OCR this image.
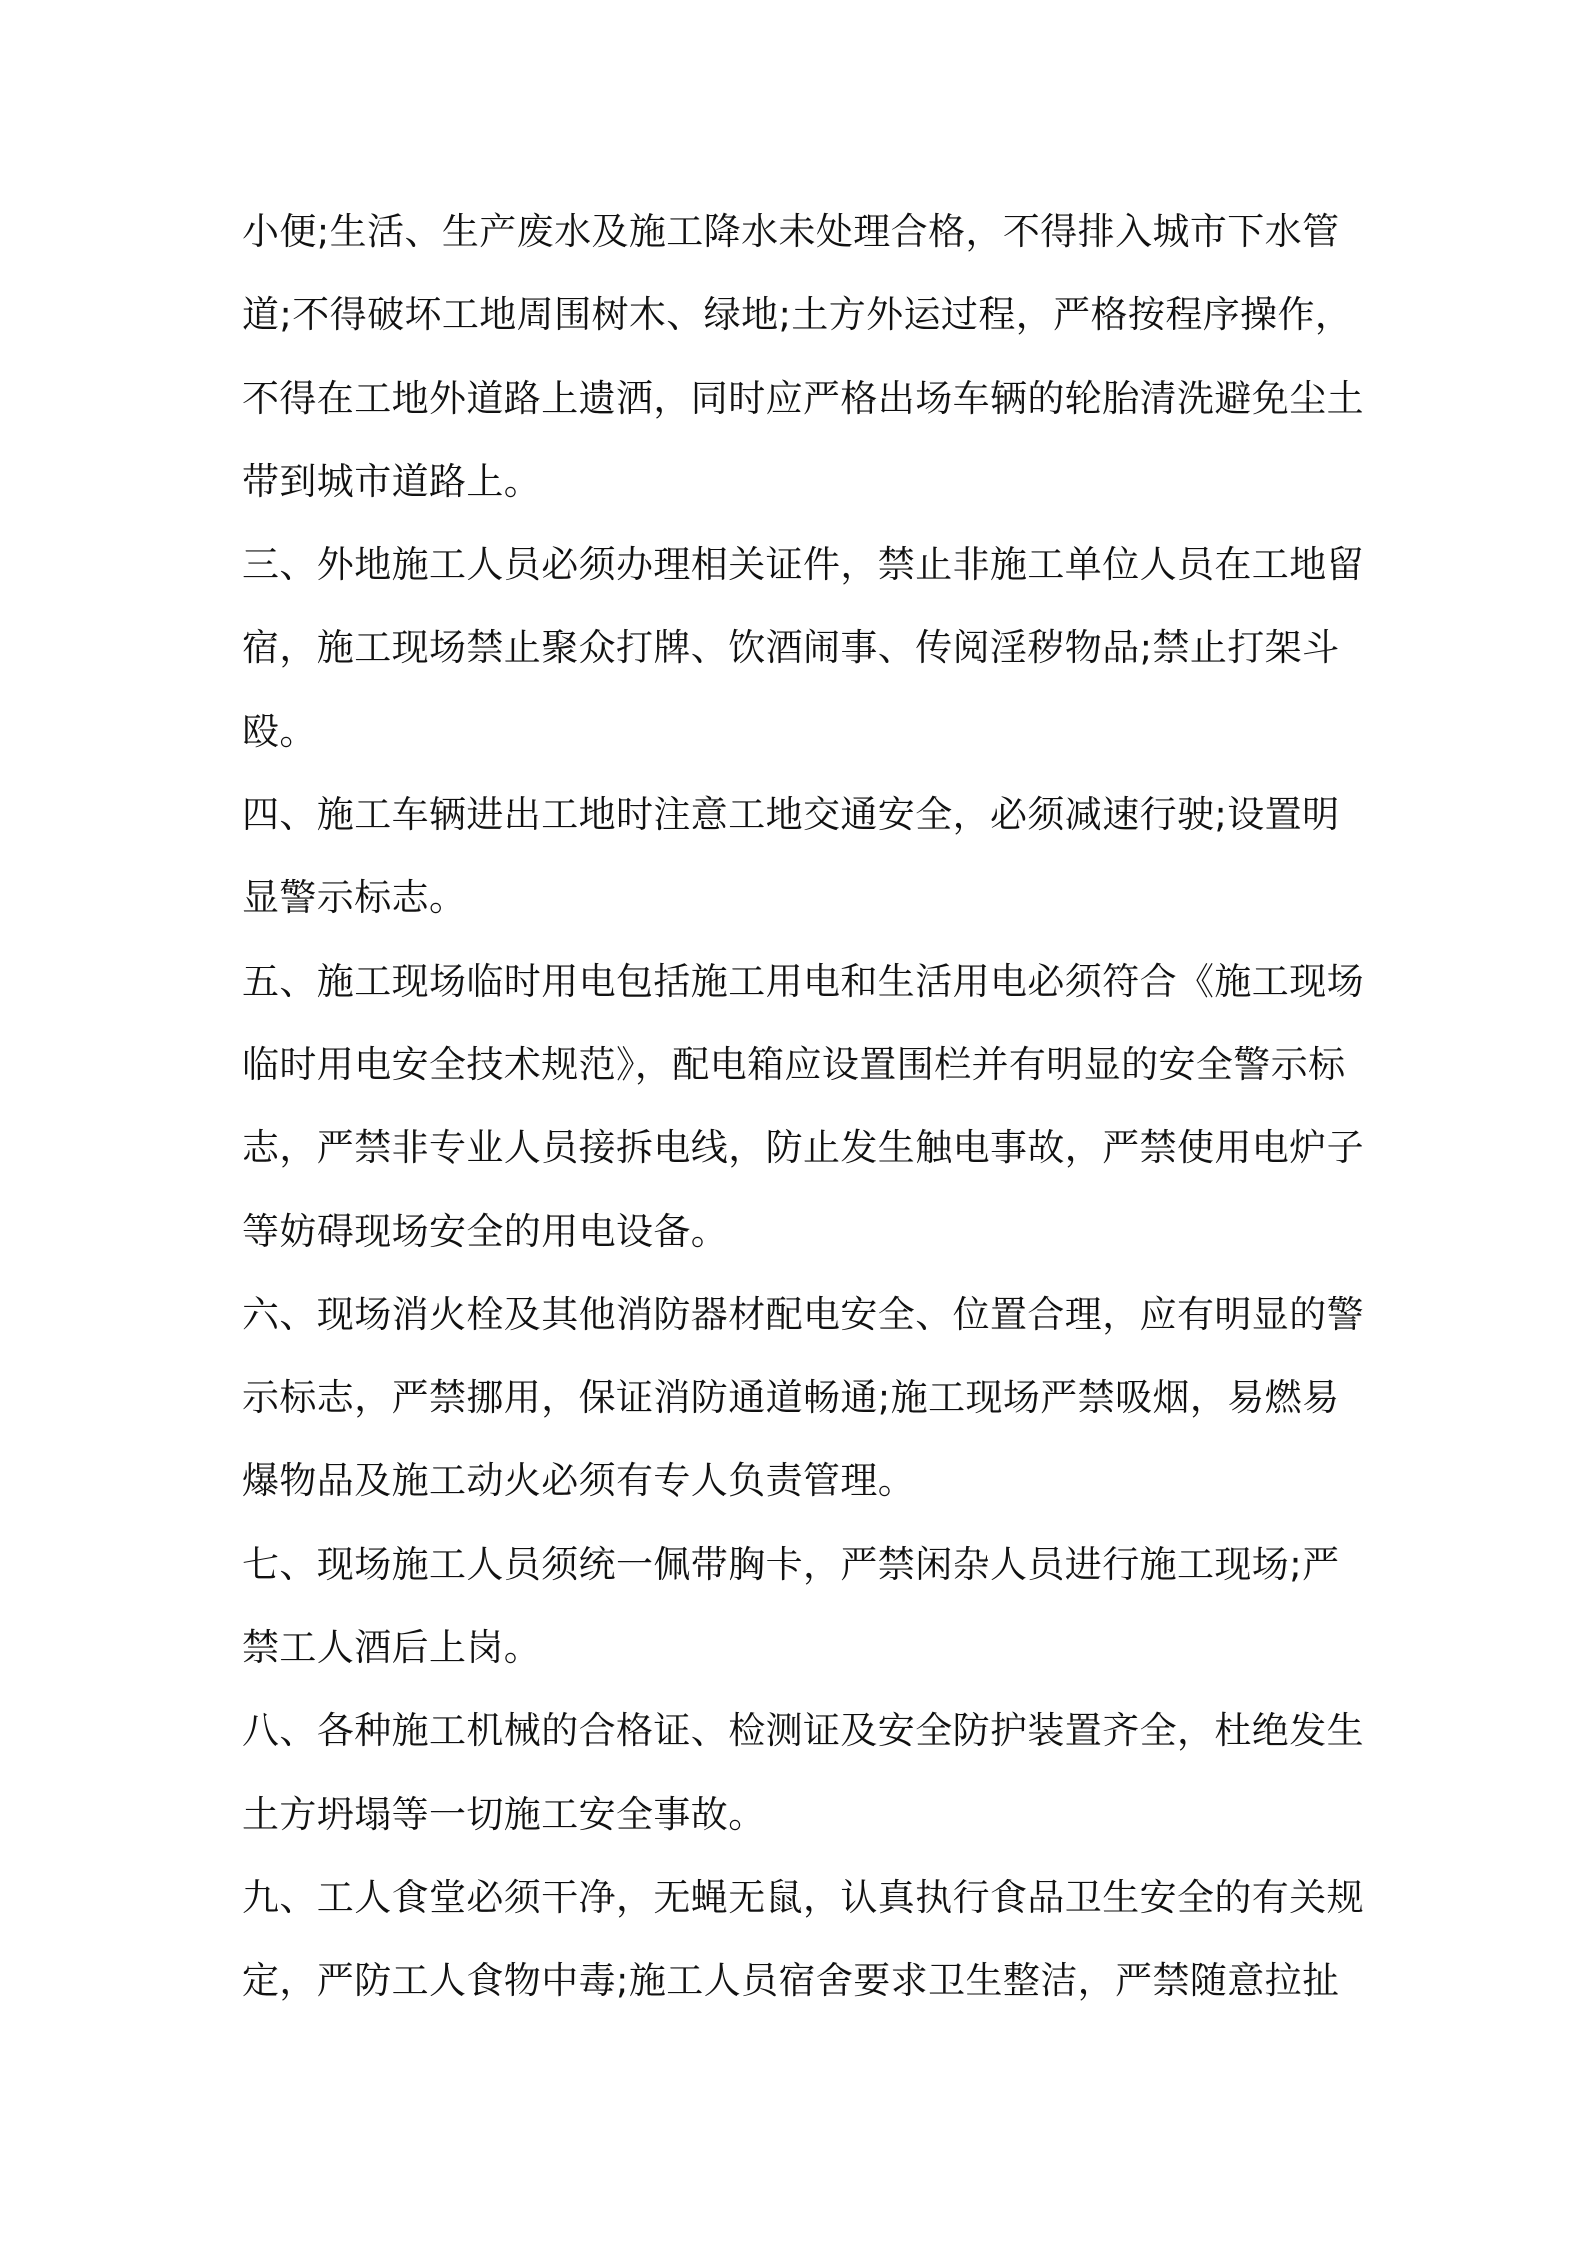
小便;生活、生产废水及施工降水未处理合格，不得排入城市下水管
道;不得破坏工地周围树木、绿地;土方外运过程，严格按程序操作，
不得在工地外道路上遗洒，同时应严格出场车辆的轮胎清洗避免尘土
带到城市道路上。
三、外地施工人员必须办理相关证件，禁止非施工单位人员在工地留
宿，施工现场禁止聚众打牌、饮酒闹事、传阅淫秽物品;禁止打架斗
殴。
四、施工车辆进出工地时注意工地交通安全，必须减速行驶;设置明
显警示标志。
五、施工现场临时用电包括施工用电和生活用电必须符合《施工现场
临时用电安全技术规范》，配电箱应设置围栏并有明显的安全警示标
志，严禁非专业人员接拆电线，防止发生触电事故，严禁使用电炉子
等妨碍现场安全的用电设备。
六、现场消火栓及其他消防器材配电安全、位置合理，应有明显的警
示标志，严禁挪用，保证消防通道畅通;施工现场严禁吸烟，易燃易
爆物品及施工动火必须有专人负责管理。
七、现场施工人员须统一佩带胸卡，严禁闲杂人员进行施工现场;严
禁工人酒后上岗。
八、各种施工机械的合格证、检测证及安全防护装置齐全，杜绝发生
土方坍塌等一切施工安全事故。
九、工人食堂必须干净，无蝇无鼠，认真执行食品卫生安全的有关规
定，严防工人食物中毒;施工人员宿舍要求卫生整洁，严禁随意拉扯
